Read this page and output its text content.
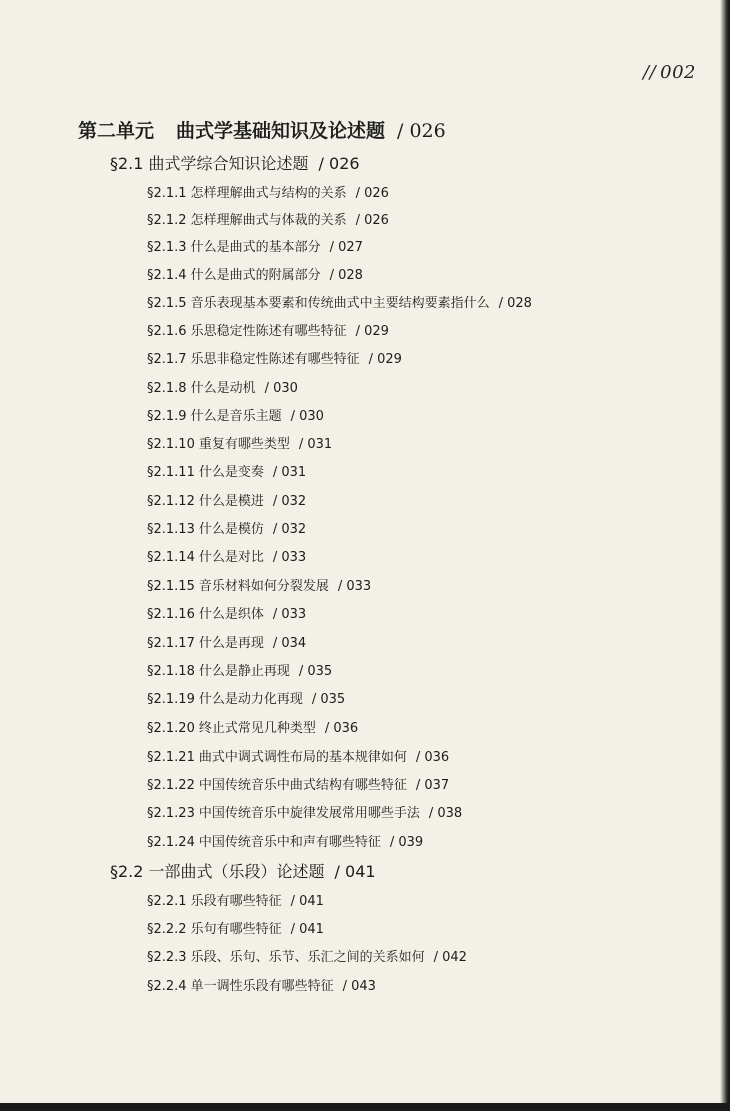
// 002
第二单元 曲式学基础知识及论述题 / 026
§2.1 曲式学综合知识论述题 / 026
§2.1.1 怎样理解曲式与结构的关系 / 026
§2.1.2 怎样理解曲式与体裁的关系 / 026
§2.1.3 什么是曲式的基本部分 / 027
§2.1.4 什么是曲式的附属部分 / 028
§2.1.5 音乐表现基本要素和传统曲式中主要结构要素指什么 / 028
§2.1.6 乐思稳定性陈述有哪些特征 / 029
§2.1.7 乐思非稳定性陈述有哪些特征 / 029
§2.1.8 什么是动机 / 030
§2.1.9 什么是音乐主题 / 030
§2.1.10 重复有哪些类型 / 031
§2.1.11 什么是变奏 / 031
§2.1.12 什么是模进 / 032
§2.1.13 什么是模仿 / 032
§2.1.14 什么是对比 / 033
§2.1.15 音乐材料如何分裂发展 / 033
§2.1.16 什么是织体 / 033
§2.1.17 什么是再现 / 034
§2.1.18 什么是静止再现 / 035
§2.1.19 什么是动力化再现 / 035
§2.1.20 终止式常见几种类型 / 036
§2.1.21 曲式中调式调性布局的基本规律如何 / 036
§2.1.22 中国传统音乐中曲式结构有哪些特征 / 037
§2.1.23 中国传统音乐中旋律发展常用哪些手法 / 038
§2.1.24 中国传统音乐中和声有哪些特征 / 039
§2.2 一部曲式（乐段）论述题 / 041
§2.2.1 乐段有哪些特征 / 041
§2.2.2 乐句有哪些特征 / 041
§2.2.3 乐段、乐句、乐节、乐汇之间的关系如何 / 042
§2.2.4 单一调性乐段有哪些特征 / 043
